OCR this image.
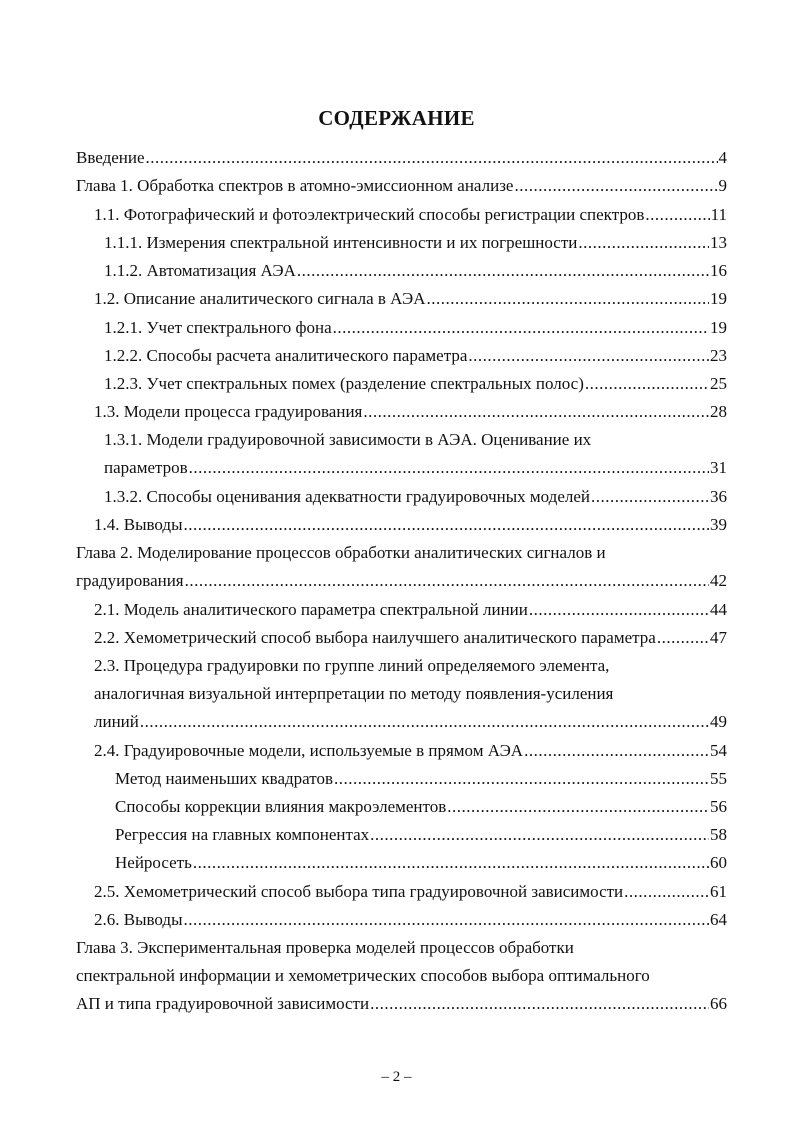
СОДЕРЖАНИЕ
Введение .....	4
Глава 1. Обработка спектров в атомно-эмиссионном анализе .....	9
1.1. Фотографический и фотоэлектрический способы регистрации спектров .....	11
1.1.1. Измерения спектральной интенсивности и их погрешности .....	13
1.1.2. Автоматизация АЭА .....	16
1.2. Описание аналитического сигнала в АЭА .....	19
1.2.1. Учет спектрального фона .....	19
1.2.2. Способы расчета аналитического параметра .....	23
1.2.3. Учет спектральных помех (разделение спектральных полос) .....	25
1.3. Модели процесса градуирования .....	28
1.3.1. Модели градуировочной зависимости в АЭА. Оценивание их
параметров .....	31
1.3.2. Способы оценивания адекватности градуировочных моделей .....	36
1.4. Выводы .....	39
Глава 2. Моделирование процессов обработки аналитических сигналов и
градуирования .....	42
2.1. Модель аналитического параметра спектральной линии .....	44
2.2. Хемометрический способ выбора наилучшего аналитического параметра .....	47
2.3. Процедура градуировки по группе линий определяемого элемента,
аналогичная визуальной интерпретации по методу появления-усиления
линий .....	49
2.4. Градуировочные модели, используемые в прямом АЭА .....	54
Метод наименьших квадратов .....	55
Способы коррекции влияния макроэлементов .....	56
Регрессия на главных компонентах .....	58
Нейросеть .....	60
2.5. Хемометрический способ выбора типа градуировочной зависимости .....	61
2.6. Выводы .....	64
Глава 3. Экспериментальная проверка моделей процессов обработки
спектральной информации и хемометрических способов выбора оптимального
АП и типа градуировочной зависимости .....	66
– 2 –
